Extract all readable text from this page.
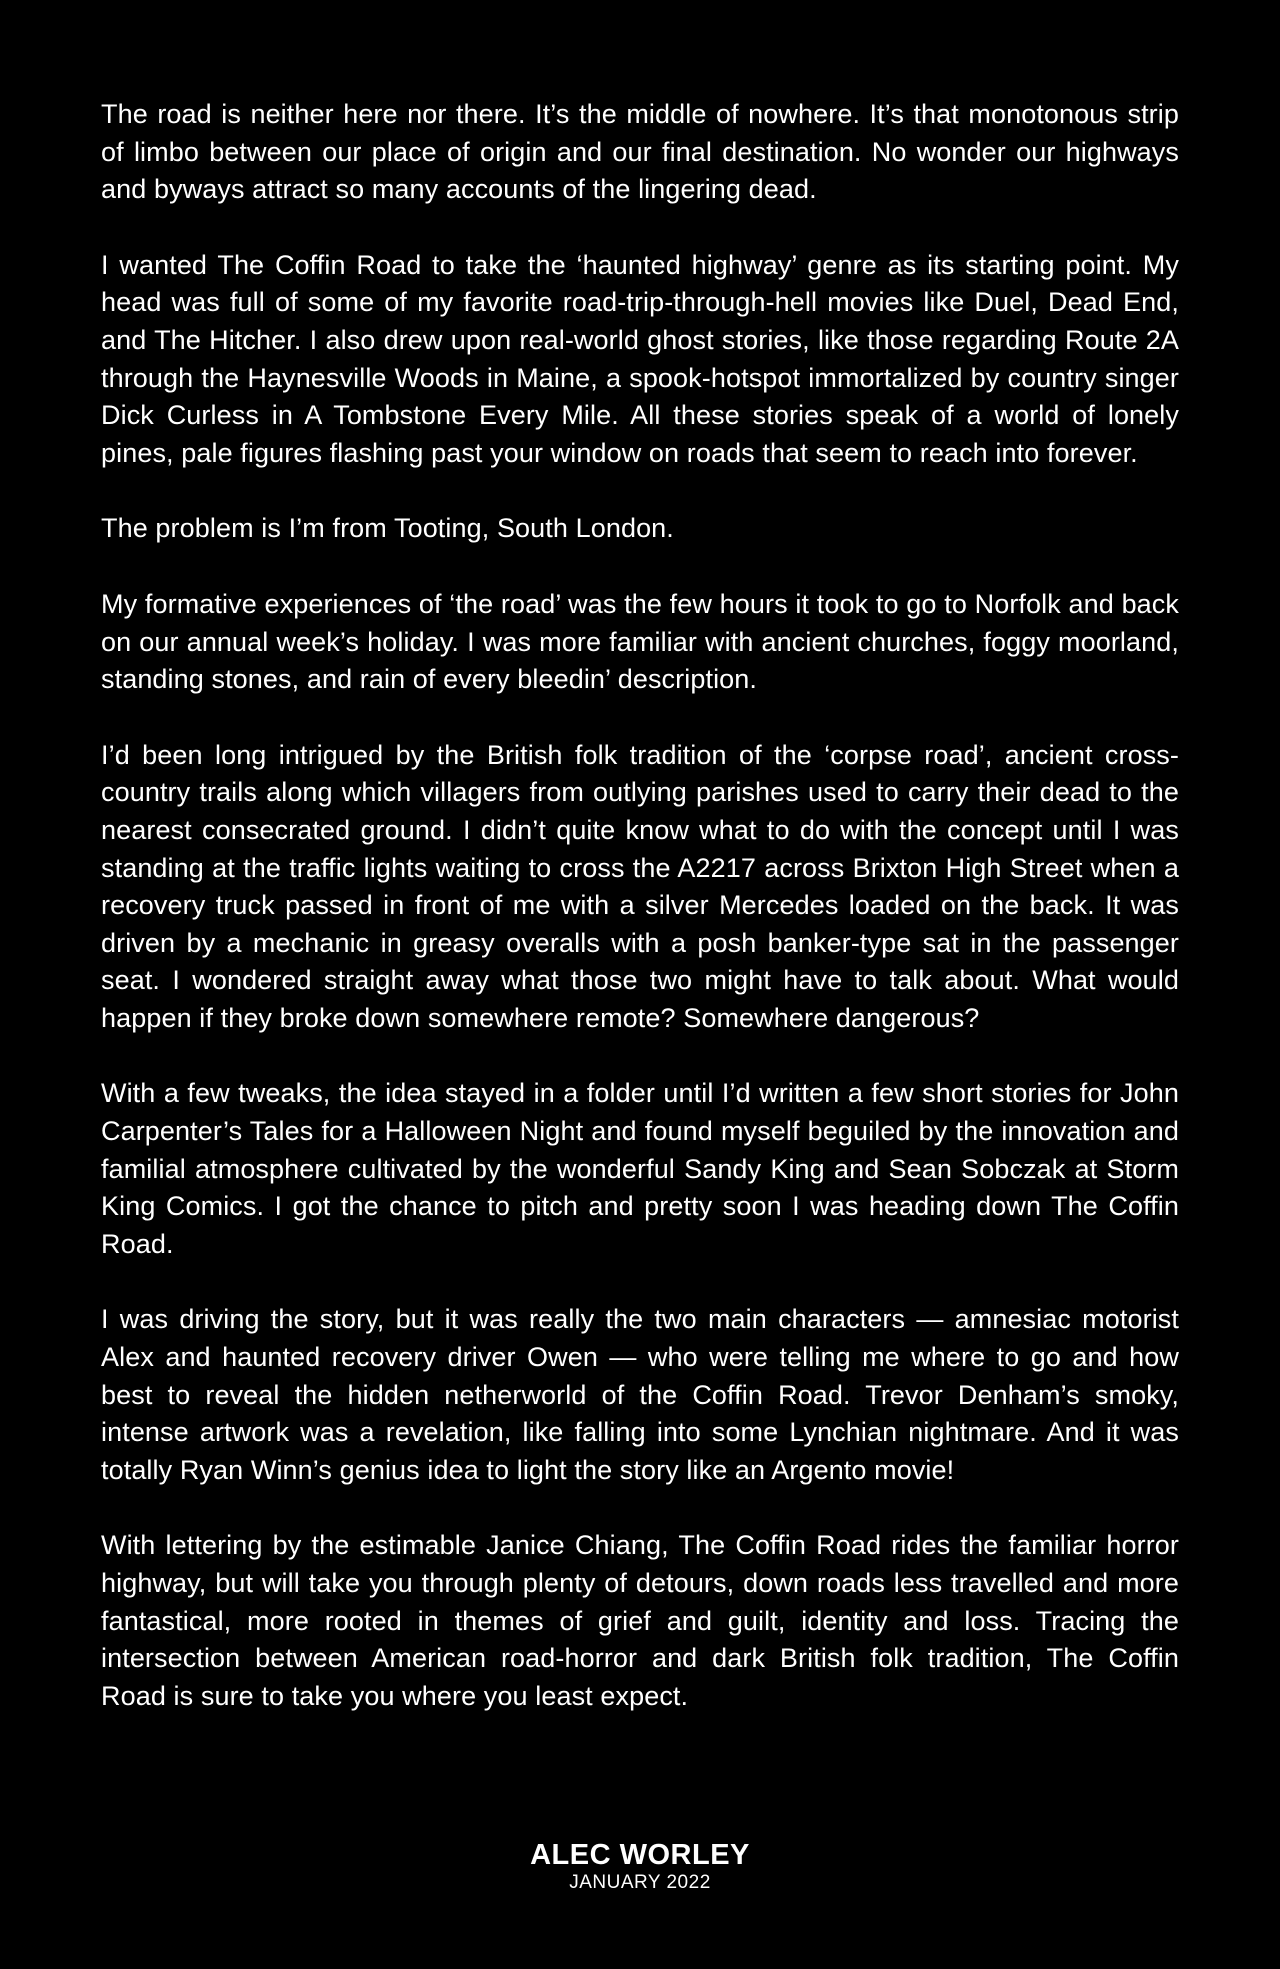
The road is neither here nor there. It’s the middle of nowhere. It’s that monotonous strip of limbo between our place of origin and our final destination. No wonder our highways and byways attract so many accounts of the lingering dead.

I wanted The Coffin Road to take the ‘haunted highway’ genre as its starting point. My head was full of some of my favorite road-trip-through-hell movies like Duel, Dead End, and The Hitcher. I also drew upon real-world ghost stories, like those regarding Route 2A through the Haynesville Woods in Maine, a spook-hotspot immortalized by country singer Dick Curless in A Tombstone Every Mile. All these stories speak of a world of lonely pines, pale figures flashing past your window on roads that seem to reach into forever.

The problem is I’m from Tooting, South London.

My formative experiences of ‘the road’ was the few hours it took to go to Norfolk and back on our annual week’s holiday. I was more familiar with ancient churches, foggy moorland, standing stones, and rain of every bleedin’ description.

I’d been long intrigued by the British folk tradition of the ‘corpse road’, ancient cross-country trails along which villagers from outlying parishes used to carry their dead to the nearest consecrated ground. I didn’t quite know what to do with the concept until I was standing at the traffic lights waiting to cross the A2217 across Brixton High Street when a recovery truck passed in front of me with a silver Mercedes loaded on the back. It was driven by a mechanic in greasy overalls with a posh banker-type sat in the passenger seat. I wondered straight away what those two might have to talk about. What would happen if they broke down somewhere remote? Somewhere dangerous?

With a few tweaks, the idea stayed in a folder until I’d written a few short stories for John Carpenter’s Tales for a Halloween Night and found myself beguiled by the innovation and familial atmosphere cultivated by the wonderful Sandy King and Sean Sobczak at Storm King Comics. I got the chance to pitch and pretty soon I was heading down The Coffin Road.

I was driving the story, but it was really the two main characters — amnesiac motorist Alex and haunted recovery driver Owen — who were telling me where to go and how best to reveal the hidden netherworld of the Coffin Road. Trevor Denham’s smoky, intense artwork was a revelation, like falling into some Lynchian nightmare. And it was totally Ryan Winn’s genius idea to light the story like an Argento movie!

With lettering by the estimable Janice Chiang, The Coffin Road rides the familiar horror highway, but will take you through plenty of detours, down roads less travelled and more fantastical, more rooted in themes of grief and guilt, identity and loss. Tracing the intersection between American road-horror and dark British folk tradition, The Coffin Road is sure to take you where you least expect.

ALEC WORLEY
JANUARY 2022
